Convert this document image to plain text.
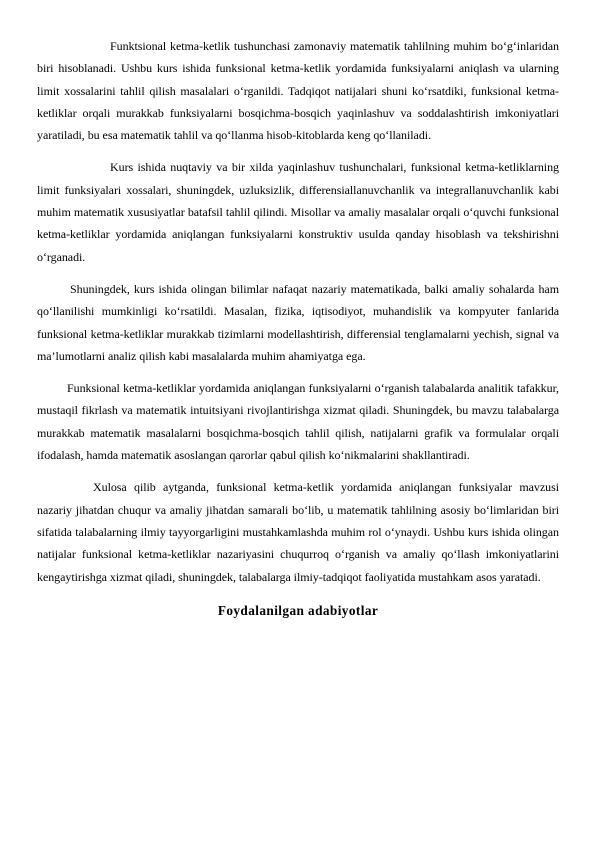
Funktsional ketma-ketlik tushunchasi zamonaviy matematik tahlilning muhim bo‘g‘inlaridan biri hisoblanadi. Ushbu kurs ishida funksional ketma-ketlik yordamida funksiyalarni aniqlash va ularning limit xossalarini tahlil qilish masalalari o‘rganildi. Tadqiqot natijalari shuni ko‘rsatdiki, funksional ketma-ketliklar orqali murakkab funksiyalarni bosqichma-bosqich yaqinlashuv va soddalashtirish imkoniyatlari yaratiladi, bu esa matematik tahlil va qo‘llanma hisob-kitoblarda keng qo‘llaniladi.

Kurs ishida nuqtaviy va bir xilda yaqinlashuv tushunchalari, funksional ketma-ketliklarning limit funksiyalari xossalari, shuningdek, uzluksizlik, differensiallanuvchanlik va integrallanuvchanlik kabi muhim matematik xususiyatlar batafsil tahlil qilindi. Misollar va amaliy masalalar orqali o‘quvchi funksional ketma-ketliklar yordamida aniqlangan funksiyalarni konstruktiv usulda qanday hisoblash va tekshirishni o‘rganadi.

Shuningdek, kurs ishida olingan bilimlar nafaqat nazariy matematikada, balki amaliy sohalarda ham qo‘llanilishi mumkinligi ko‘rsatildi. Masalan, fizika, iqtisodiyot, muhandislik va kompyuter fanlarida funksional ketma-ketliklar murakkab tizimlarni modellashtirish, differensial tenglamalarni yechish, signal va ma’lumotlarni analiz qilish kabi masalalarda muhim ahamiyatga ega.

Funksional ketma-ketliklar yordamida aniqlangan funksiyalarni o‘rganish talabalarda analitik tafakkur, mustaqil fikrlash va matematik intuitsiyani rivojlantirishga xizmat qiladi. Shuningdek, bu mavzu talabalarga murakkab matematik masalalarni bosqichma-bosqich tahlil qilish, natijalarni grafik va formulalar orqali ifodalash, hamda matematik asoslangan qarorlar qabul qilish ko‘nikmalarini shakllantiradi.

Xulosa qilib aytganda, funksional ketma-ketlik yordamida aniqlangan funksiyalar mavzusi nazariy jihatdan chuqur va amaliy jihatdan samarali bo‘lib, u matematik tahlilning asosiy bo‘limlaridan biri sifatida talabalarning ilmiy tayyorgarligini mustahkamlashda muhim rol o‘ynaydi. Ushbu kurs ishida olingan natijalar funksional ketma-ketliklar nazariyasini chuqurroq o‘rganish va amaliy qo‘llash imkoniyatlarini kengaytirishga xizmat qiladi, shuningdek, talabalarga ilmiy-tadqiqot faoliyatida mustahkam asos yaratadi.

Foydalanilgan adabiyotlar
